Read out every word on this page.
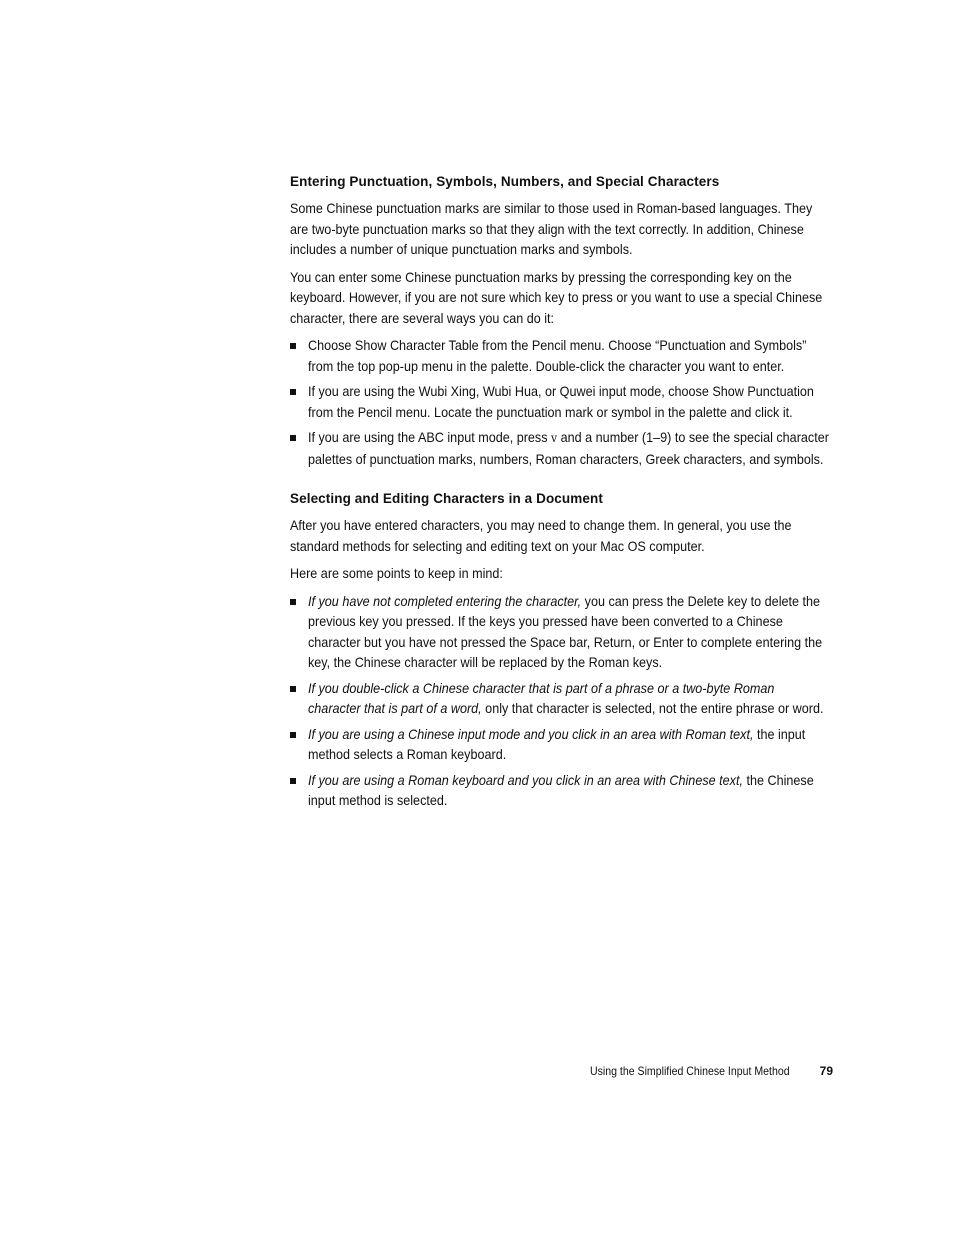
Entering Punctuation, Symbols, Numbers, and Special Characters

Some Chinese punctuation marks are similar to those used in Roman-based languages. They are two-byte punctuation marks so that they align with the text correctly. In addition, Chinese includes a number of unique punctuation marks and symbols.

You can enter some Chinese punctuation marks by pressing the corresponding key on the keyboard. However, if you are not sure which key to press or you want to use a special Chinese character, there are several ways you can do it:

Choose Show Character Table from the Pencil menu. Choose “Punctuation and Symbols” from the top pop-up menu in the palette. Double-click the character you want to enter.
If you are using the Wubi Xing, Wubi Hua, or Quwei input mode, choose Show Punctuation from the Pencil menu. Locate the punctuation mark or symbol in the palette and click it.
If you are using the ABC input mode, press v and a number (1–9) to see the special character palettes of punctuation marks, numbers, Roman characters, Greek characters, and symbols.
Selecting and Editing Characters in a Document

After you have entered characters, you may need to change them. In general, you use the standard methods for selecting and editing text on your Mac OS computer.

Here are some points to keep in mind:

If you have not completed entering the character, you can press the Delete key to delete the previous key you pressed. If the keys you pressed have been converted to a Chinese character but you have not pressed the Space bar, Return, or Enter to complete entering the key, the Chinese character will be replaced by the Roman keys.
If you double-click a Chinese character that is part of a phrase or a two-byte Roman character that is part of a word, only that character is selected, not the entire phrase or word.
If you are using a Chinese input mode and you click in an area with Roman text, the input method selects a Roman keyboard.
If you are using a Roman keyboard and you click in an area with Chinese text, the Chinese input method is selected.
Using the Simplified Chinese Input Method	79
